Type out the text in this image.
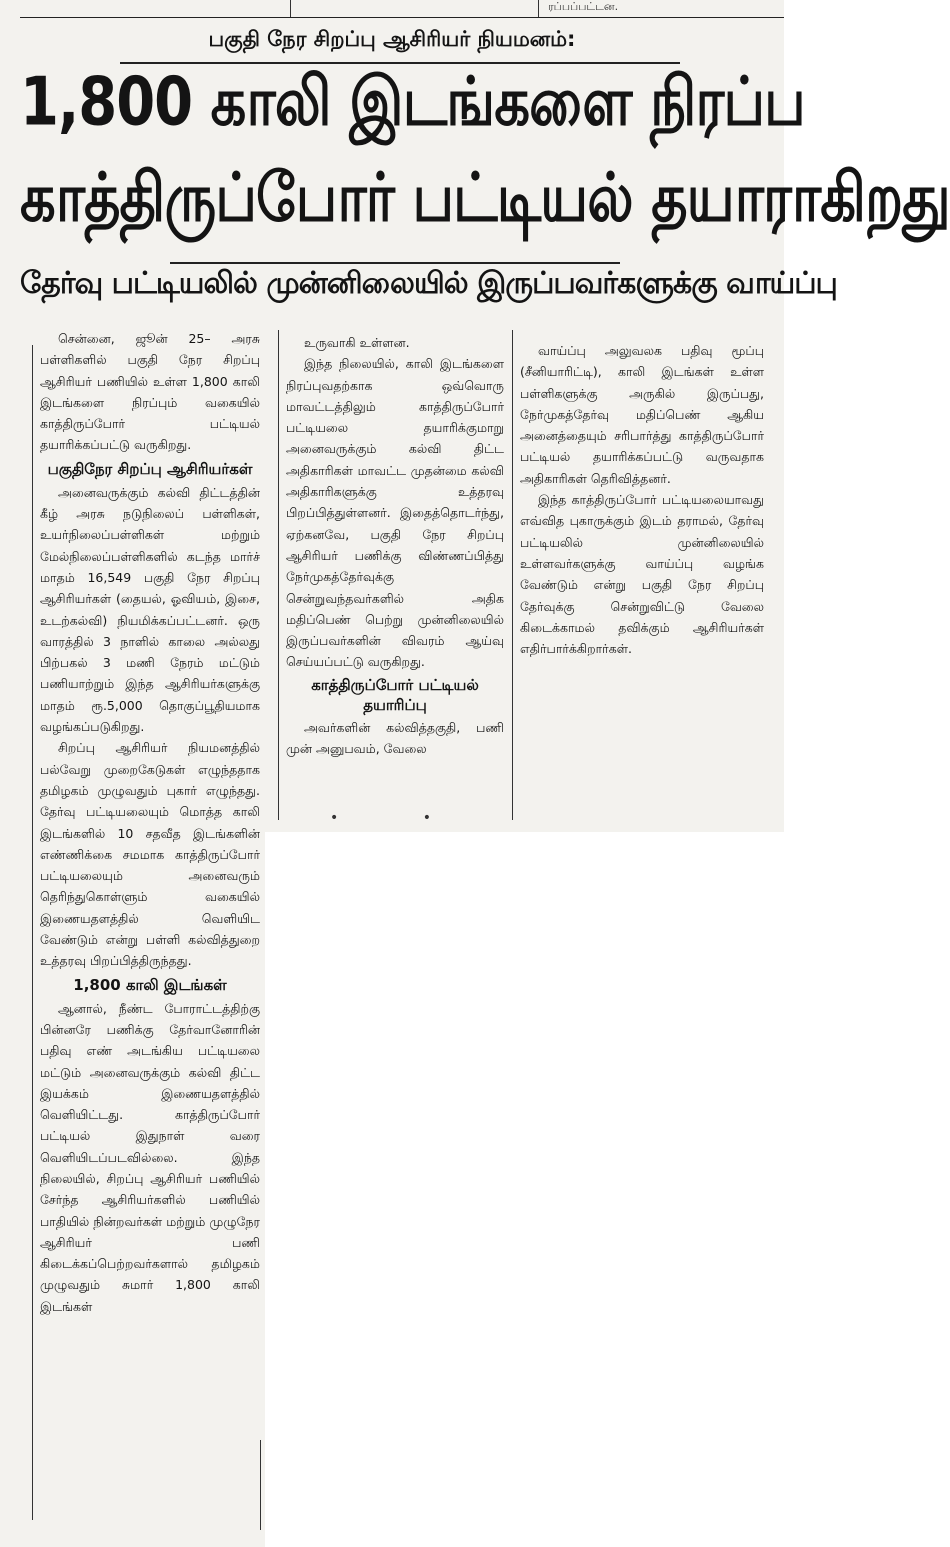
ரப்பப்பட்டன.
பகுதி நேர சிறப்பு ஆசிரியர் நியமனம்:
1,800 காலி இடங்களை நிரப்ப
காத்திருப்போர் பட்டியல் தயாராகிறது
தேர்வு பட்டியலில் முன்னிலையில் இருப்பவர்களுக்கு வாய்ப்பு

சென்னை, ஜூன் 25– அரசு பள்ளிகளில் பகுதி நேர சிறப்பு ஆசிரியர் பணியில் உள்ள 1,800 காலி இடங்களை நிரப்பும் வகையில் காத்திருப்போர் பட்டியல் தயாரிக்கப்பட்டு வருகிறது.

பகுதிநேர சிறப்பு ஆசிரியர்கள்

அனைவருக்கும் கல்வி திட்டத்தின் கீழ் அரசு நடுநிலைப் பள்ளிகள், உயர்நிலைப்பள்ளிகள் மற்றும் மேல்நிலைப்பள்ளிகளில் கடந்த மார்ச் மாதம் 16,549 பகுதி நேர சிறப்பு ஆசிரியர்கள் (தையல், ஓவியம், இசை, உடற்கல்வி) நியமிக்கப்பட்டனர். ஒரு வாரத்தில் 3 நாளில் காலை அல்லது பிற்பகல் 3 மணி நேரம் மட்டும் பணியாற்றும் இந்த ஆசிரியர்களுக்கு மாதம் ரூ.5,000 தொகுப்பூதியமாக வழங்கப்படுகிறது.

சிறப்பு ஆசிரியர் நியமனத்தில் பல்வேறு முறைகேடுகள் எழுந்ததாக தமிழகம் முழுவதும் புகார் எழுந்தது. தேர்வு பட்டியலையும் மொத்த காலி இடங்களில் 10 சதவீத இடங்களின் எண்ணிக்கை சமமாக காத்திருப்போர் பட்டியலையும் அனைவரும் தெரிந்துகொள்ளும் வகையில் இணையதளத்தில் வெளியிட வேண்டும் என்று பள்ளி கல்வித்துறை உத்தரவு பிறப்பித்திருந்தது.

1,800 காலி இடங்கள்

ஆனால், நீண்ட போராட்டத்திற்கு பின்னரே பணிக்கு தேர்வானோரின் பதிவு எண் அடங்கிய பட்டியலை மட்டும் அனைவருக்கும் கல்வி திட்ட இயக்கம் இணையதளத்தில் வெளியிட்டது. காத்திருப்போர் பட்டியல் இதுநாள் வரை வெளியிடப்படவில்லை. இந்த நிலையில், சிறப்பு ஆசிரியர் பணியில் சேர்ந்த ஆசிரியர்களில் பணியில் பாதியில் நின்றவர்கள் மற்றும் முழுநேர ஆசிரியர் பணி கிடைக்கப்பெற்றவர்களால் தமிழகம் முழுவதும் சுமார் 1,800 காலி இடங்கள்

உருவாகி உள்ளன.

இந்த நிலையில், காலி இடங்களை நிரப்புவதற்காக ஒவ்வொரு மாவட்டத்திலும் காத்திருப்போர் பட்டியலை தயாரிக்குமாறு அனைவருக்கும் கல்வி திட்ட அதிகாரிகள் மாவட்ட முதன்மை கல்வி அதிகாரிகளுக்கு உத்தரவு பிறப்பித்துள்ளனர். இதைத்தொடர்ந்து, ஏற்கனவே, பகுதி நேர சிறப்பு ஆசிரியர் பணிக்கு விண்ணப்பித்து நேர்முகத்தேர்வுக்கு சென்றுவந்தவர்களில் அதிக மதிப்பெண் பெற்று முன்னிலையில் இருப்பவர்களின் விவரம் ஆய்வு செய்யப்பட்டு வருகிறது.

காத்திருப்போர் பட்டியல் தயாரிப்பு

அவர்களின் கல்வித்தகுதி, பணி முன் அனுபவம், வேலை

வாய்ப்பு அலுவலக பதிவு மூப்பு (சீனியாரிட்டி), காலி இடங்கள் உள்ள பள்ளிகளுக்கு அருகில் இருப்பது, நேர்முகத்தேர்வு மதிப்பெண் ஆகிய அனைத்தையும் சரிபார்த்து காத்திருப்போர் பட்டியல் தயாரிக்கப்பட்டு வருவதாக அதிகாரிகள் தெரிவித்தனர்.

இந்த காத்திருப்போர் பட்டியலையாவது எவ்வித புகாருக்கும் இடம் தராமல், தேர்வு பட்டியலில் முன்னிலையில் உள்ளவர்களுக்கு வாய்ப்பு வழங்க வேண்டும் என்று பகுதி நேர சிறப்பு தேர்வுக்கு சென்றுவிட்டு வேலை கிடைக்காமல் தவிக்கும் ஆசிரியர்கள் எதிர்பார்க்கிறார்கள்.

• •
